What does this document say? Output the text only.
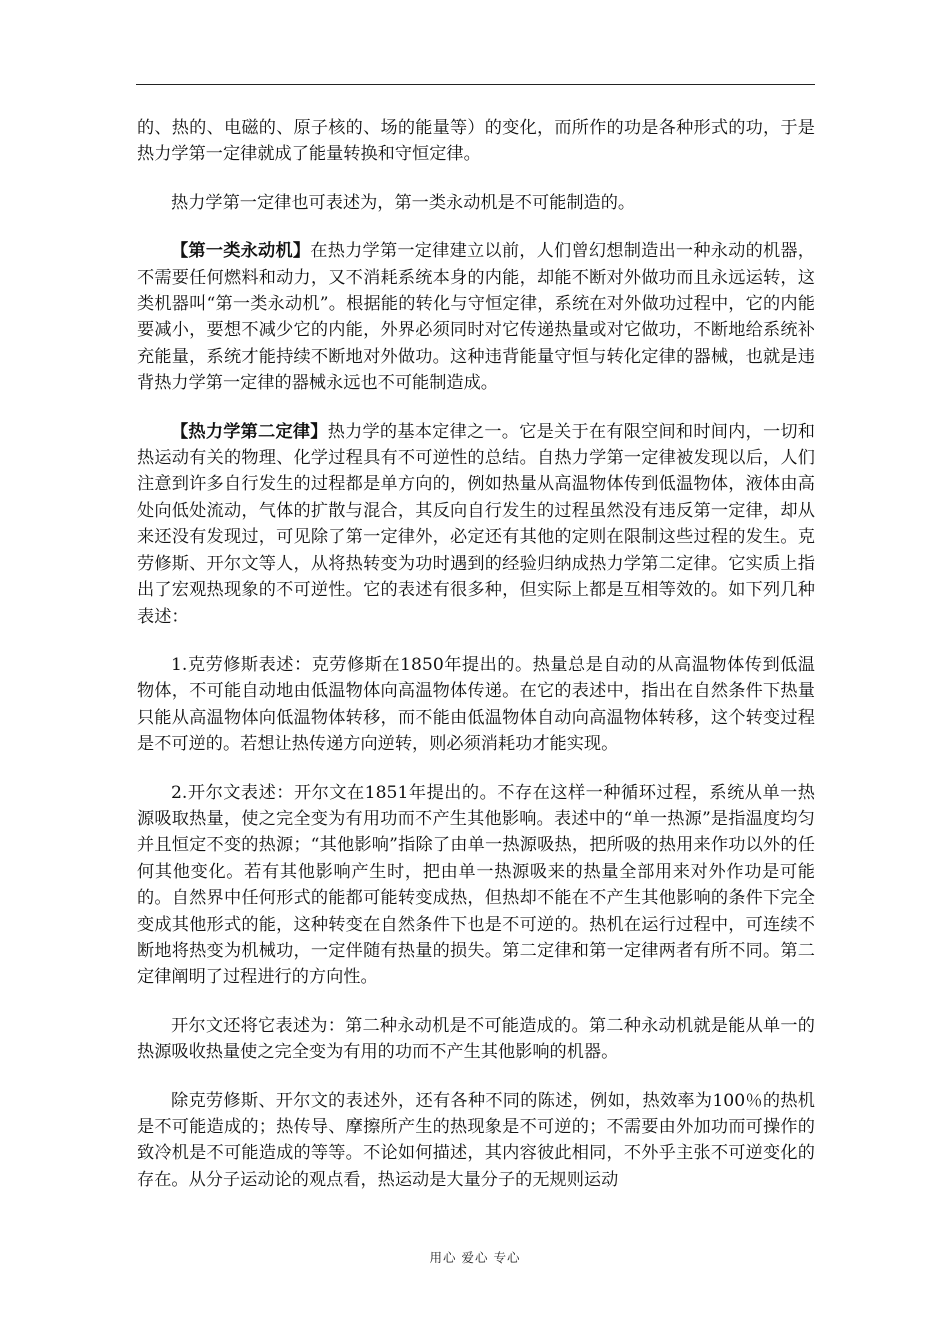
的、热的、电磁的、原子核的、场的能量等）的变化，而所作的功是各种形式的功，于是热力学第一定律就成了能量转换和守恒定律。

热力学第一定律也可表述为，第一类永动机是不可能制造的。

【第一类永动机】在热力学第一定律建立以前，人们曾幻想制造出一种永动的机器，不需要任何燃料和动力，又不消耗系统本身的内能，却能不断对外做功而且永远运转，这类机器叫“第一类永动机”。根据能的转化与守恒定律，系统在对外做功过程中，它的内能要减小，要想不减少它的内能，外界必须同时对它传递热量或对它做功，不断地给系统补充能量，系统才能持续不断地对外做功。这种违背能量守恒与转化定律的器械，也就是违背热力学第一定律的器械永远也不可能制造成。

【热力学第二定律】热力学的基本定律之一。它是关于在有限空间和时间内，一切和热运动有关的物理、化学过程具有不可逆性的总结。自热力学第一定律被发现以后，人们注意到许多自行发生的过程都是单方向的，例如热量从高温物体传到低温物体，液体由高处向低处流动，气体的扩散与混合，其反向自行发生的过程虽然没有违反第一定律，却从来还没有发现过，可见除了第一定律外，必定还有其他的定则在限制这些过程的发生。克劳修斯、开尔文等人，从将热转变为功时遇到的经验归纳成热力学第二定律。它实质上指出了宏观热现象的不可逆性。它的表述有很多种，但实际上都是互相等效的。如下列几种表述：

1.克劳修斯表述：克劳修斯在1850年提出的。热量总是自动的从高温物体传到低温物体，不可能自动地由低温物体向高温物体传递。在它的表述中，指出在自然条件下热量只能从高温物体向低温物体转移，而不能由低温物体自动向高温物体转移，这个转变过程是不可逆的。若想让热传递方向逆转，则必须消耗功才能实现。

2.开尔文表述：开尔文在1851年提出的。不存在这样一种循环过程，系统从单一热源吸取热量，使之完全变为有用功而不产生其他影响。表述中的“单一热源”是指温度均匀并且恒定不变的热源；“其他影响”指除了由单一热源吸热，把所吸的热用来作功以外的任何其他变化。若有其他影响产生时，把由单一热源吸来的热量全部用来对外作功是可能的。自然界中任何形式的能都可能转变成热，但热却不能在不产生其他影响的条件下完全变成其他形式的能，这种转变在自然条件下也是不可逆的。热机在运行过程中，可连续不断地将热变为机械功，一定伴随有热量的损失。第二定律和第一定律两者有所不同。第二定律阐明了过程进行的方向性。

开尔文还将它表述为：第二种永动机是不可能造成的。第二种永动机就是能从单一的热源吸收热量使之完全变为有用的功而不产生其他影响的机器。

除克劳修斯、开尔文的表述外，还有各种不同的陈述，例如，热效率为100％的热机是不可能造成的；热传导、摩擦所产生的热现象是不可逆的；不需要由外加功而可操作的致冷机是不可能造成的等等。不论如何描述，其内容彼此相同，不外乎主张不可逆变化的存在。从分子运动论的观点看，热运动是大量分子的无规则运动

用心 爱心 专心
